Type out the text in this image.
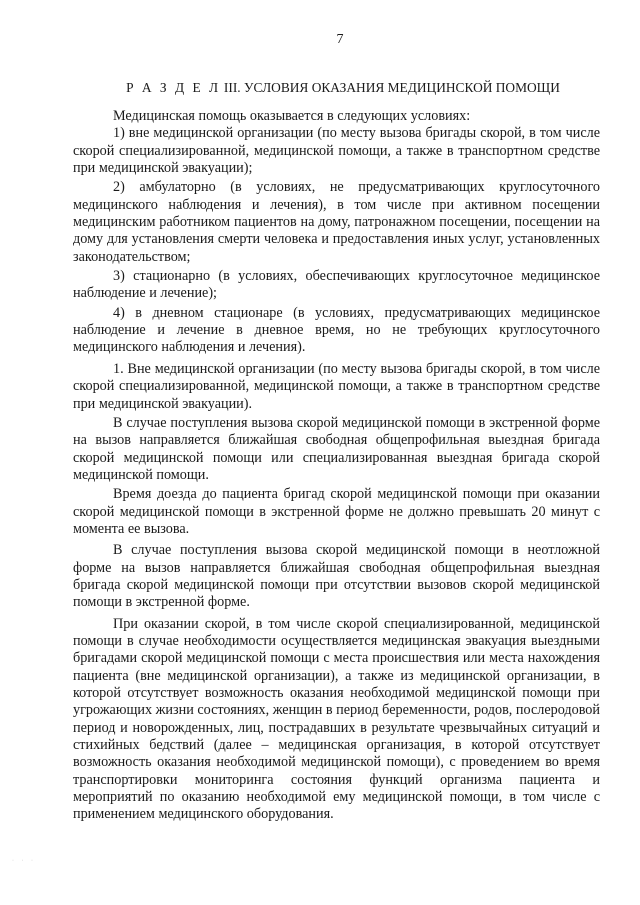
7
Р А З Д Е Л III. УСЛОВИЯ ОКАЗАНИЯ МЕДИЦИНСКОЙ ПОМОЩИ

Медицинская помощь оказывается в следующих условиях:

1) вне медицинской организации (по месту вызова бригады скорой, в том числе скорой специализированной, медицинской помощи, а также в транспортном средстве при медицинской эвакуации);

2) амбулаторно (в условиях, не предусматривающих круглосуточного медицинского наблюдения и лечения), в том числе при активном посещении медицинским работником пациентов на дому, патронажном посещении, посещении на дому для установления смерти человека и предоставления иных услуг, установленных законодательством;

3) стационарно (в условиях, обеспечивающих круглосуточное медицинское наблюдение и лечение);

4) в дневном стационаре (в условиях, предусматривающих медицинское наблюдение и лечение в дневное время, но не требующих круглосуточного медицинского наблюдения и лечения).

1. Вне медицинской организации (по месту вызова бригады скорой, в том числе скорой специализированной, медицинской помощи, а также в транспортном средстве при медицинской эвакуации).

В случае поступления вызова скорой медицинской помощи в экстренной форме на вызов направляется ближайшая свободная общепрофильная выездная бригада скорой медицинской помощи или специализированная выездная бригада скорой медицинской помощи.

Время доезда до пациента бригад скорой медицинской помощи при оказании скорой медицинской помощи в экстренной форме не должно превышать 20 минут с момента ее вызова.

В случае поступления вызова скорой медицинской помощи в неотложной форме на вызов направляется ближайшая свободная общепрофильная выездная бригада скорой медицинской помощи при отсутствии вызовов скорой медицинской помощи в экстренной форме.

При оказании скорой, в том числе скорой специализированной, медицинской помощи в случае необходимости осуществляется медицинская эвакуация выездными бригадами скорой медицинской помощи с места происшествия или места нахождения пациента (вне медицинской организации), а также из медицинской организации, в которой отсутствует возможность оказания необходимой медицинской помощи при угрожающих жизни состояниях, женщин в период беременности, родов, послеродовой период и новорожденных, лиц, пострадавших в результате чрезвычайных ситуаций и стихийных бедствий (далее – медицинская организация, в которой отсутствует возможность оказания необходимой медицинской помощи), с проведением во время транспортировки мониторинга состояния функций организма пациента и мероприятий по оказанию необходимой ему медицинской помощи, в том числе с применением медицинского оборудования.

· · ·
